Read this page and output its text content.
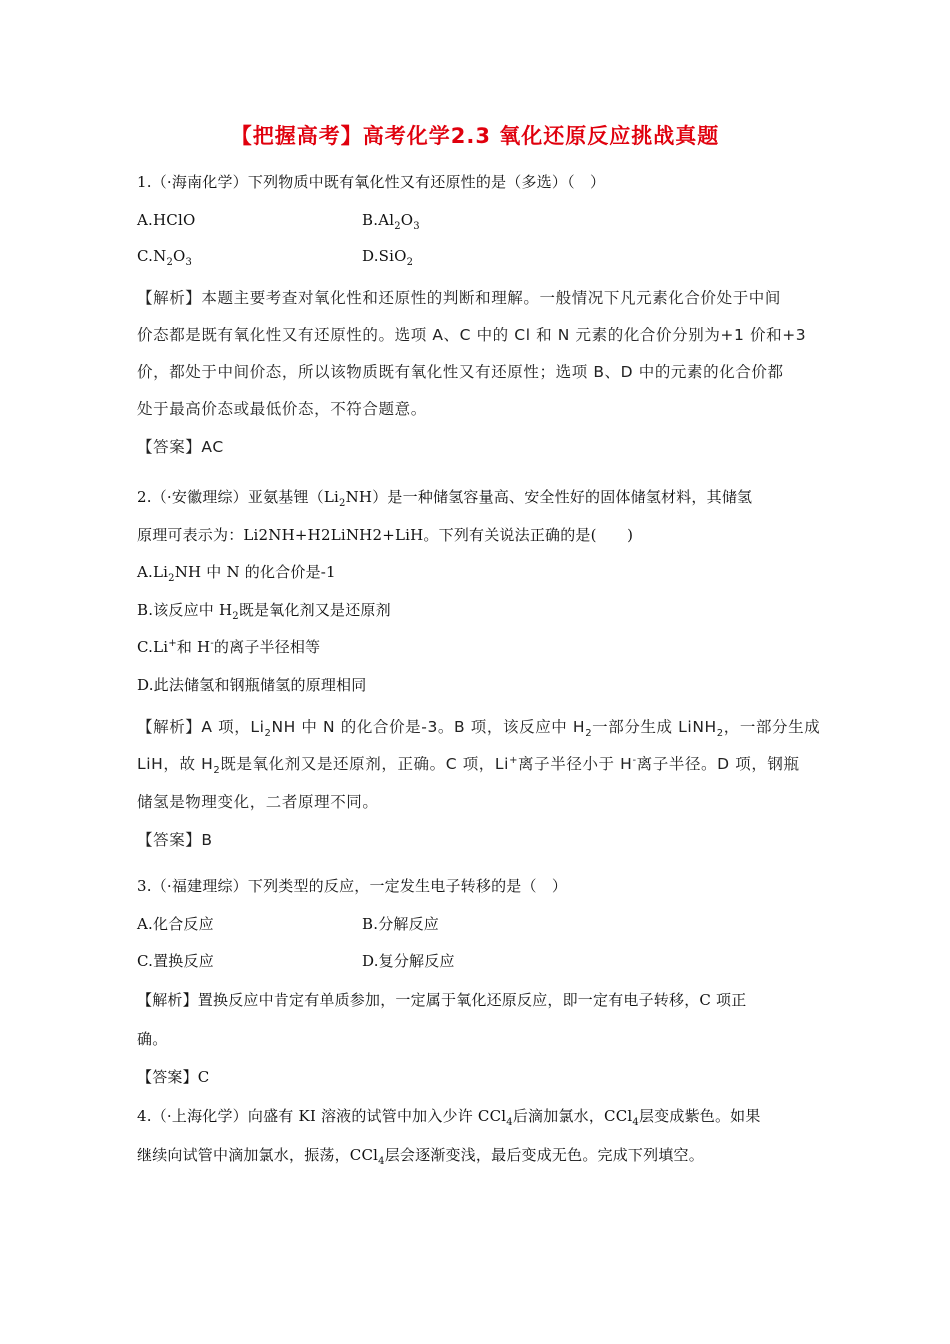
【把握高考】高考化学2.3 氧化还原反应挑战真题
1.（·海南化学）下列物质中既有氧化性又有还原性的是（多选）（　）
A.HClO	$B.Al_2O_3$
$C.N_2O_3$	D.SiO$_2$
【解析】本题主要考查对氧化性和还原性的判断和理解。一般情况下凡元素化合价处于中间
价态都是既有氧化性又有还原性的。选项 A、C 中的 Cl 和 N 元素的化合价分别为+1 价和+3
价，都处于中间价态，所以该物质既有氧化性又有还原性；选项 B、D 中的元素的化合价都
处于最高价态或最低价态，不符合题意。
【答案】AC
2.（·安徽理综）亚氨基锂$(Li_2NH)$是一种储氢容量高、安全性好的固体储氢材料，其储氢
原理可表示为：Li2NH+H2LiNH2+LiH。下列有关说法正确的是(　　)
$A.Li_2NH$ 中 N 的化合价是-1
B.该反应中 $H_2$既是氧化剂又是还原剂
C.Li+和 H-的离子半径相等
D.此法储氢和钢瓶储氢的原理相同
【解析】A 项，$Li_2NH$ 中 N 的化合价是-3。B 项，该反应中 $H_2$一部分生成 LiNH$_2$，一部分生成
LiH，故 $H_2$既是氧化剂又是还原剂，正确。C 项，Li+离子半径小于 H-离子半径。D 项，钢瓶
储氢是物理变化，二者原理不同。
【答案】B
3.（·福建理综）下列类型的反应，一定发生电子转移的是（　）
A.化合反应	B.分解反应
C.置换反应	D.复分解反应
【解析】置换反应中肯定有单质参加，一定属于氧化还原反应，即一定有电子转移，C 项正
确。
【答案】C
4.（·上海化学）向盛有 KI 溶液的试管中加入少许 CCl$_4$后滴加氯水，CCl$_4$层变成紫色。如果
继续向试管中滴加氯水，振荡，CCl$_4$层会逐渐变浅，最后变成无色。完成下列填空。
